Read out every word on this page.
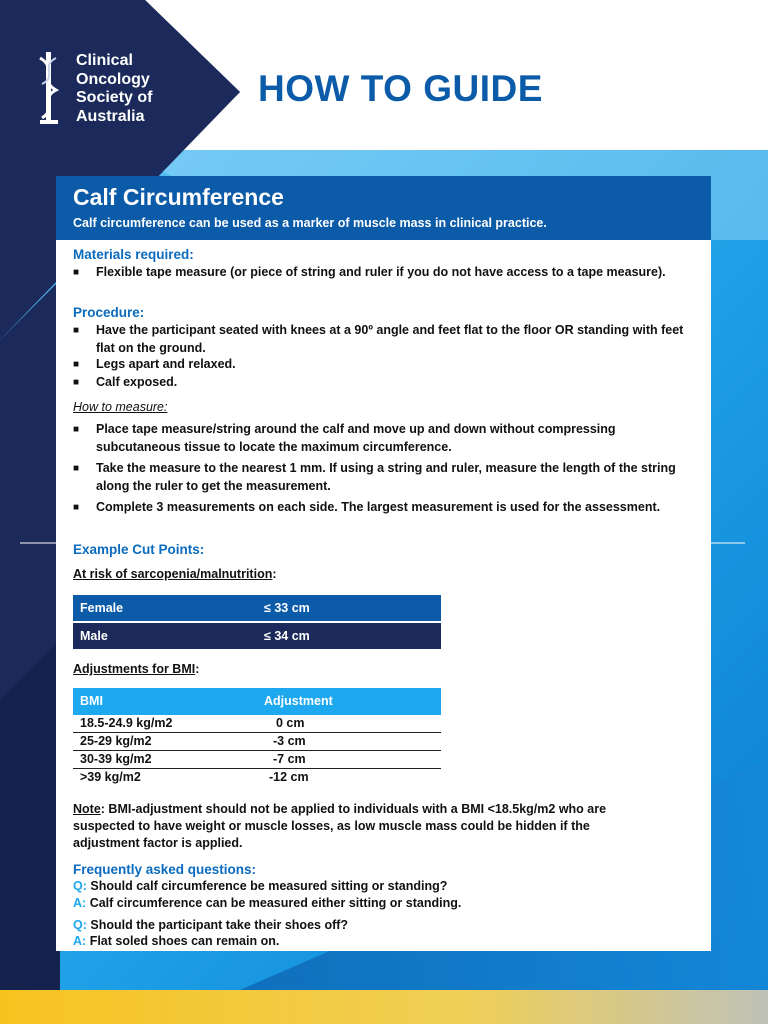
Clinical
Oncology
Society of
Australia
HOW TO GUIDE
Calf Circumference
Calf circumference can be used as a marker of muscle mass in clinical practice.
Materials required:
■ Flexible tape measure (or piece of string and ruler if you do not have access to a tape measure).
Procedure:
■ Have the participant seated with knees at a 90º angle and feet flat to the floor OR standing with feet flat on the ground.
■ Legs apart and relaxed.
■ Calf exposed.
How to measure:
■ Place tape measure/string around the calf and move up and down without compressing subcutaneous tissue to locate the maximum circumference.
■ Take the measure to the nearest 1 mm. If using a string and ruler, measure the length of the string along the ruler to get the measurement.
■ Complete 3 measurements on each side. The largest measurement is used for the assessment.
Example Cut Points:
At risk of sarcopenia/malnutrition:
Female	≤ 33 cm
Male	≤ 34 cm
Adjustments for BMI:
BMI	Adjustment
18.5-24.9 kg/m2	0 cm
25-29 kg/m2	-3 cm
30-39 kg/m2	-7 cm
>39 kg/m2	-12 cm
Note: BMI-adjustment should not be applied to individuals with a BMI <18.5kg/m2 who are
suspected to have weight or muscle losses, as low muscle mass could be hidden if the
adjustment factor is applied.
Frequently asked questions:
Q: Should calf circumference be measured sitting or standing?
A: Calf circumference can be measured either sitting or standing.
Q: Should the participant take their shoes off?
A: Flat soled shoes can remain on.
